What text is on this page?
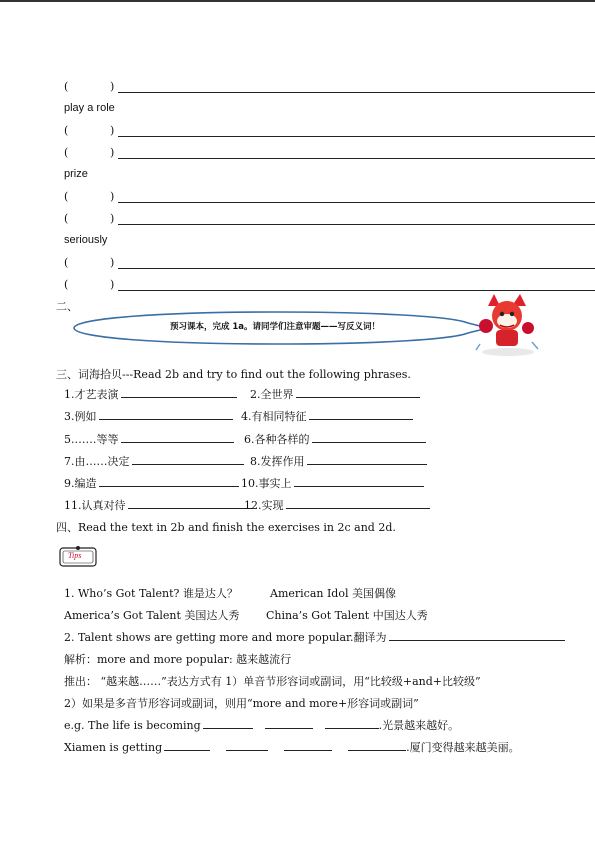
(	)
play a role
(	)
(	)
prize
(	)
(	)
seriously
(	)
(	)
二、
预习课本，完成 1a。请同学们注意审题——写反义词！
三、词海拾贝---Read 2b and try to find out the following phrases.
1.才艺表演	2.全世界
3.例如	4.有相同特征
5.……等等	6.各种各样的
7.由……决定	8.发挥作用
9.编造	10.事实上
11.认真对待	12.实现
四、Read the text in 2b and finish the exercises in 2c and 2d.
Tips
1. Who’s Got Talent? 谁是达人？	American Idol 美国偶像
America’s Got Talent 美国达人秀 China’s Got Talent 中国达人秀
2. Talent shows are getting more and more popular.翻译为
解析：more and more popular: 越来越流行
推出： “越来越……”表达方式有 1）单音节形容词或副词，用“比较级+and+比较级”
2）如果是多音节形容词或副词，则用“more and more+形容词或副词”
e.g. The life is becoming	.光景越来越好。
Xiamen is getting	.厦门变得越来越美丽。
